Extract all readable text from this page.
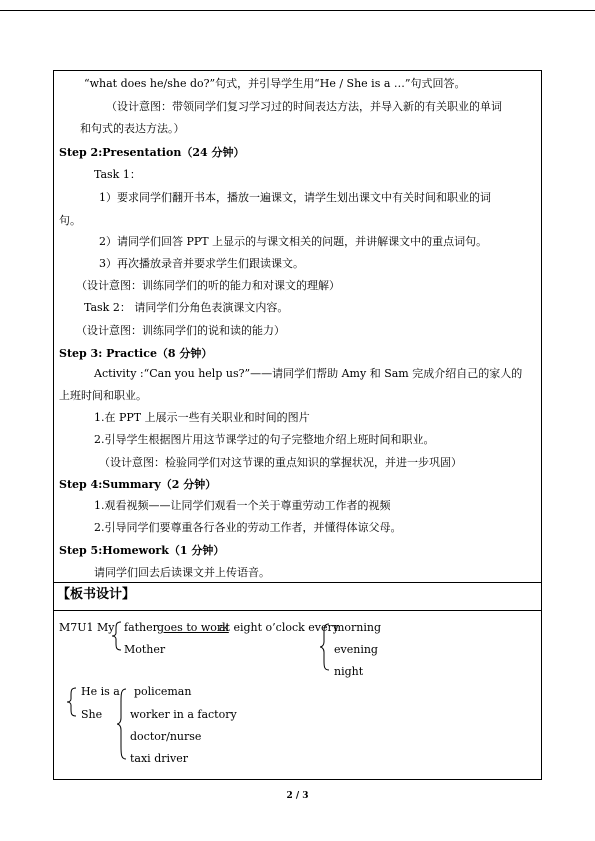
“what does he/she do?”句式，并引导学生用“He / She is a …”句式回答。
（设计意图：带领同学们复习学习过的时间表达方法，并导入新的有关职业的单词
和句式的表达方法。）
Step 2:Presentation（24 分钟）
Task 1：
1）要求同学们翻开书本，播放一遍课文，请学生划出课文中有关时间和职业的词
句。
2）请同学们回答 PPT 上显示的与课文相关的问题，并讲解课文中的重点词句。
3）再次播放录音并要求学生们跟读课文。
（设计意图：训练同学们的听的能力和对课文的理解）
Task 2： 请同学们分角色表演课文内容。
（设计意图：训练同学们的说和读的能力）
Step 3: Practice（8 分钟）
Activity :“Can you help us?”——请同学们帮助 Amy 和 Sam 完成介绍自己的家人的
上班时间和职业。
1.在 PPT 上展示一些有关职业和时间的图片
2.引导学生根据图片用这节课学过的句子完整地介绍上班时间和职业。
（设计意图：检验同学们对这节课的重点知识的掌握状况，并进一步巩固）
Step 4:Summary（2 分钟）
1.观看视频——让同学们观看一个关于尊重劳动工作者的视频
2.引导同学们要尊重各行各业的劳动工作者，并懂得体谅父母。
Step 5:Homework（1 分钟）
请同学们回去后读课文并上传语音。
【板书设计】
M7U1 My father goes to work
at eight o’clock every
Mother
morning
evening
night
He is a
She
policeman
worker in a factory
doctor/nurse
taxi driver
2 / 3
